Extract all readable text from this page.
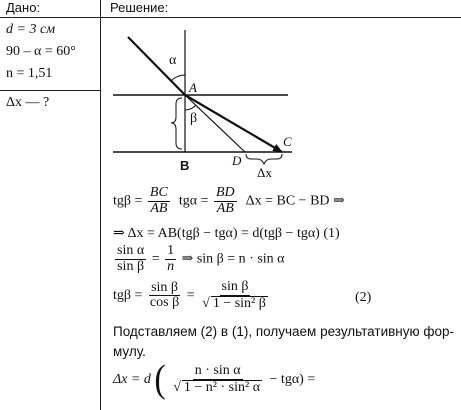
Дано:	Решение:
d = 3 см
90 – α = 60°
n = 1,51
Δx — ?
α
A
β
B	D
C
Δx
$tg\beta = \frac{BC}{AB}$ $tg\alpha = \frac{BD}{AB}$ Δx = BC − BD ⇒
⇒ Δx = AB(tgβ − tgα) = d(tgβ − tgα) (1)
$\frac{\text{sin α}}{\text{sin β}} = \frac{1}{n}$ ⇒ sin β = n · sin α
$tg\beta = \frac{\text{sin β}}{\text{cos β}} = \frac{\text{sin β}}{\text{√ 1 − sin² β}}$	(2)
Подставляем (2) в (1), получаем результативную фор-
мулу.
Δx = d ( $\frac{\text{n · sin α}}{\text{√ 1 − n² · sin² α}} - tg\alpha$) =
